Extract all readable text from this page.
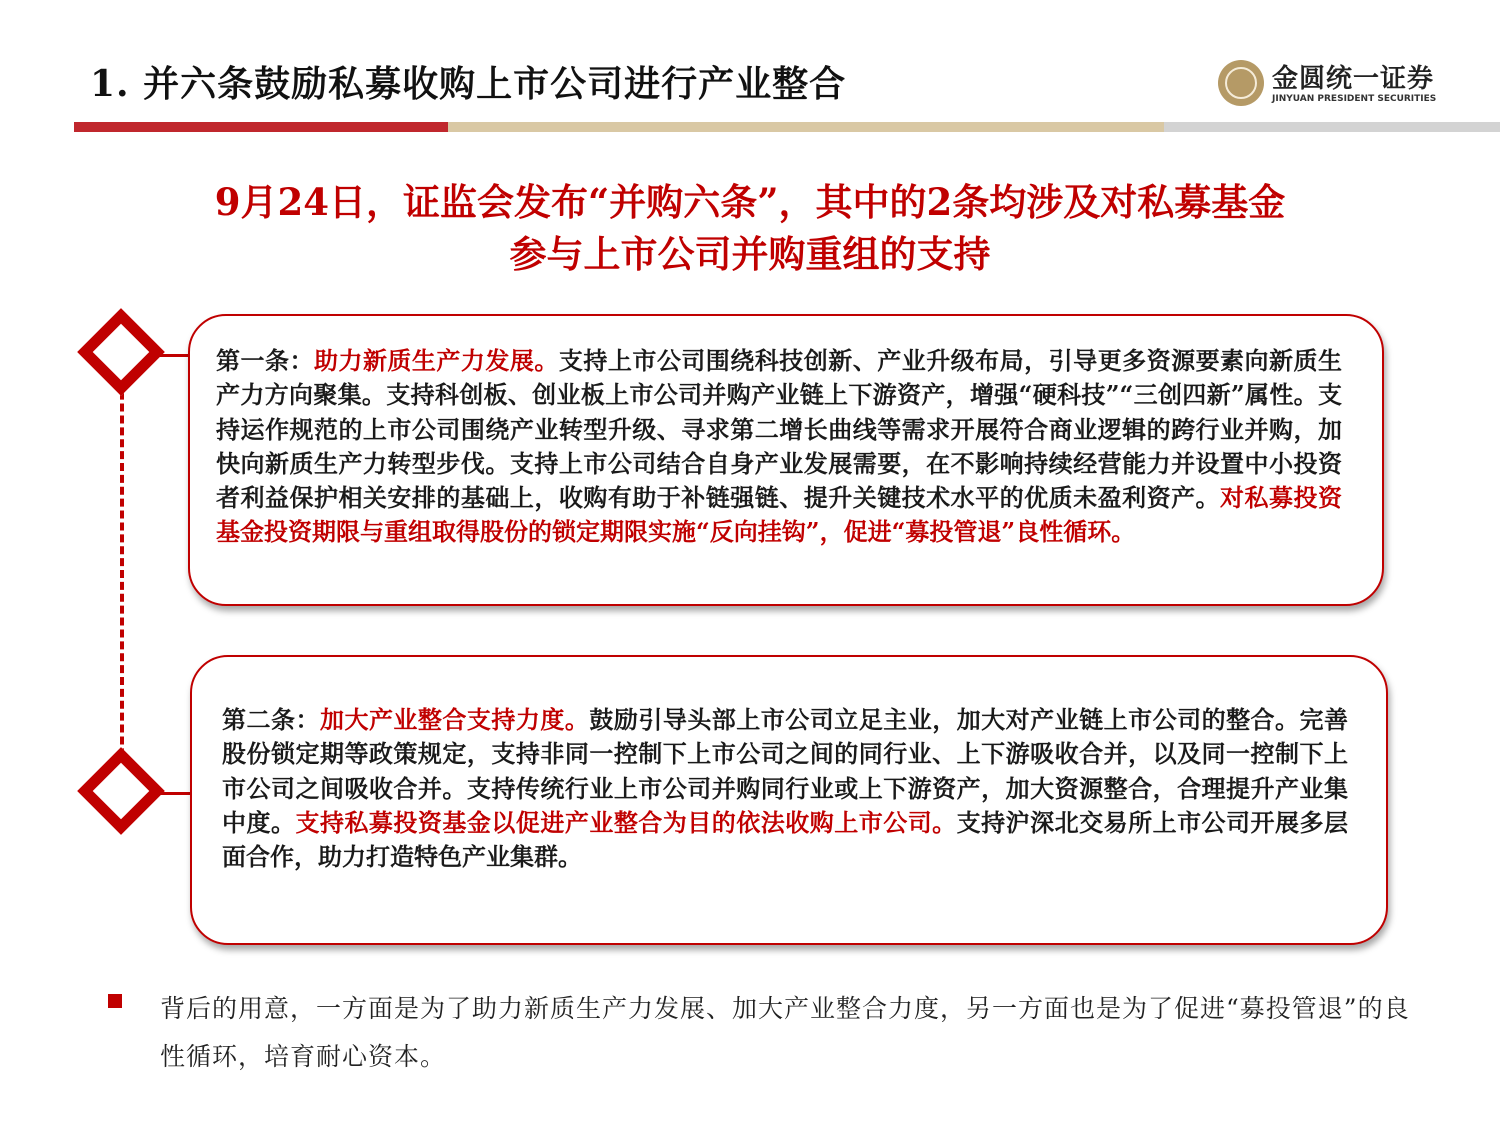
1. 并六条鼓励私募收购上市公司进行产业整合	金圆统一证券
JINYUAN PRESIDENT SECURITIES
9月24日，证监会发布“并购六条”，其中的2条均涉及对私募基金
参与上市公司并购重组的支持

第一条：助力新质生产力发展。支持上市公司围绕科技创新、产业升级布局，引导更多资源要素向新质生产力方向聚集。支持科创板、创业板上市公司并购产业链上下游资产，增强“硬科技”“三创四新”属性。支持运作规范的上市公司围绕产业转型升级、寻求第二增长曲线等需求开展符合商业逻辑的跨行业并购，加快向新质生产力转型步伐。支持上市公司结合自身产业发展需要，在不影响持续经营能力并设置中小投资者利益保护相关安排的基础上，收购有助于补链强链、提升关键技术水平的优质未盈利资产。对私募投资基金投资期限与重组取得股份的锁定期限实施“反向挂钩”，促进“募投管退”良性循环。

第二条：加大产业整合支持力度。鼓励引导头部上市公司立足主业，加大对产业链上市公司的整合。完善股份锁定期等政策规定，支持非同一控制下上市公司之间的同行业、上下游吸收合并，以及同一控制下上市公司之间吸收合并。支持传统行业上市公司并购同行业或上下游资产，加大资源整合，合理提升产业集中度。支持私募投资基金以促进产业整合为目的依法收购上市公司。支持沪深北交易所上市公司开展多层面合作，助力打造特色产业集群。

背后的用意，一方面是为了助力新质生产力发展、加大产业整合力度，另一方面也是为了促进“募投管退”的良性循环，培育耐心资本。
